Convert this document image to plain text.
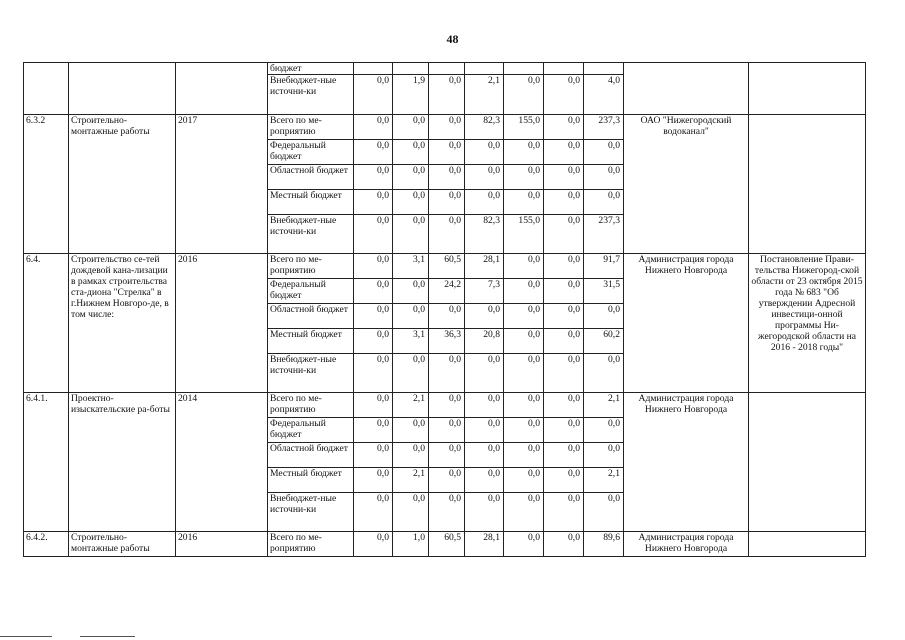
48
			бюджет									
			Внебюджет-ные источни-ки	0,0	1,9	0,0	2,1	0,0	0,0	4,0		
6.3.2	Строительно-монтажные работы	2017	Всего по ме-роприятию	0,0	0,0	0,0	82,3	155,0	0,0	237,3	ОАО "Нижегородский водоканал"	
			Федеральный бюджет	0,0	0,0	0,0	0,0	0,0	0,0	0,0		
			Областной бюджет	0,0	0,0	0,0	0,0	0,0	0,0	0,0		
			Местный бюджет	0,0	0,0	0,0	0,0	0,0	0,0	0,0		
			Внебюджет-ные источни-ки	0,0	0,0	0,0	82,3	155,0	0,0	237,3		
6.4.	Строительство се-тей дождевой кана-лизации в рамках строительства ста-диона "Стрелка" в г.Нижнем Новгоро-де, в том числе:	2016	Всего по ме-роприятию	0,0	3,1	60,5	28,1	0,0	0,0	91,7	Администрация города Нижнего Новгорода	Постановление Прави-тельства Нижегород-ской области от 23 октября 2015 года № 683 "Об утверждении Адресной инвестици-онной программы Ни-жегородской области на 2016 - 2018 годы"
			Федеральный бюджет	0,0	0,0	24,2	7,3	0,0	0,0	31,5		
			Областной бюджет	0,0	0,0	0,0	0,0	0,0	0,0	0,0		
			Местный бюджет	0,0	3,1	36,3	20,8	0,0	0,0	60,2		
			Внебюджет-ные источни-ки	0,0	0,0	0,0	0,0	0,0	0,0	0,0		
6.4.1.	Проектно-изыскательские ра-боты	2014	Всего по ме-роприятию	0,0	2,1	0,0	0,0	0,0	0,0	2,1	Администрация города Нижнего Новгорода	
			Федеральный бюджет	0,0	0,0	0,0	0,0	0,0	0,0	0,0		
			Областной бюджет	0,0	0,0	0,0	0,0	0,0	0,0	0,0		
			Местный бюджет	0,0	2,1	0,0	0,0	0,0	0,0	2,1		
			Внебюджет-ные источни-ки	0,0	0,0	0,0	0,0	0,0	0,0	0,0		
6.4.2.	Строительно-монтажные работы	2016	Всего по ме-роприятию	0,0	1,0	60,5	28,1	0,0	0,0	89,6	Администрация города Нижнего Новгорода	
